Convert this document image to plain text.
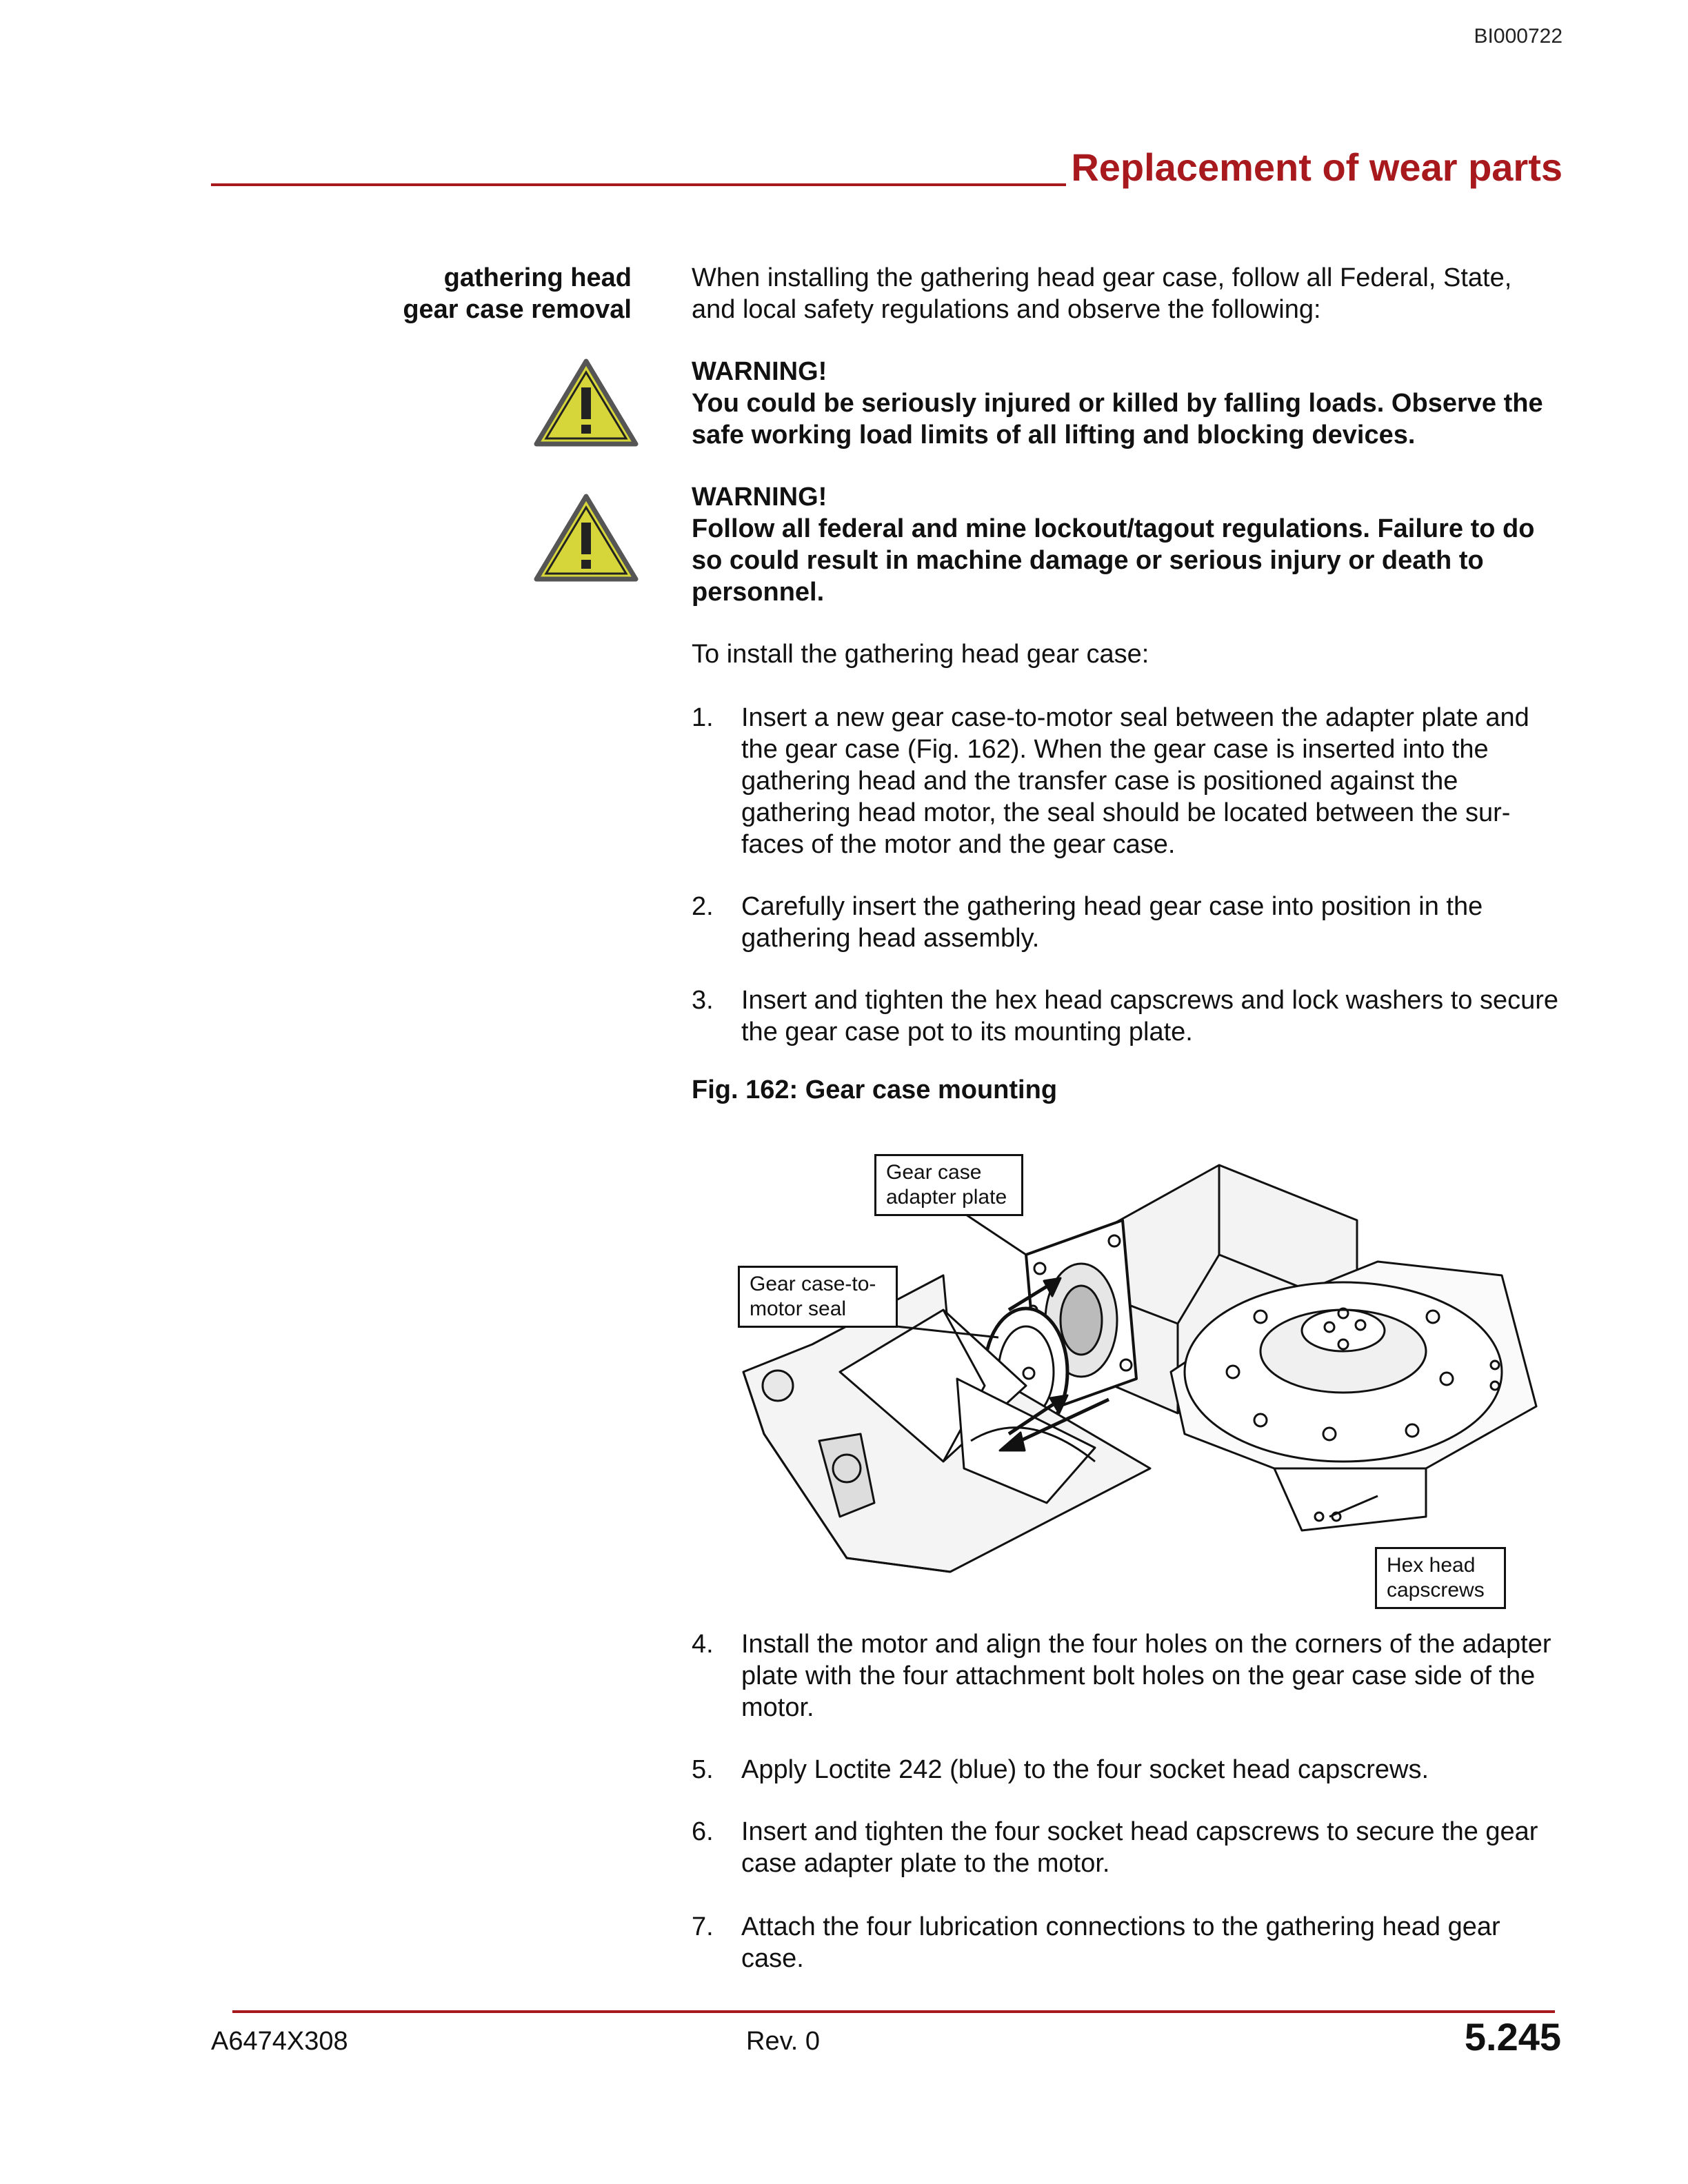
BI000722
Replacement of wear parts
gathering head
gear case removal
When installing the gathering head gear case, follow all Federal, State, and local safety regulations and observe the following:
WARNING!
You could be seriously injured or killed by falling loads. Observe the safe working load limits of all lifting and blocking devices.
WARNING!
Follow all federal and mine lockout/tagout regulations. Failure to do so could result in machine damage or serious injury or death to personnel.
To install the gathering head gear case:
1. Insert a new gear case-to-motor seal between the adapter plate and the gear case (Fig. 162). When the gear case is inserted into the gathering head and the transfer case is positioned against the gathering head motor, the seal should be located between the sur-faces of the motor and the gear case.
2. Carefully insert the gathering head gear case into position in the gathering head assembly.
3. Insert and tighten the hex head capscrews and lock washers to secure the gear case pot to its mounting plate.
Fig. 162: Gear case mounting
Gear case
adapter plate
Gear case-to-
motor seal
Hex head
capscrews
4. Install the motor and align the four holes on the corners of the adapter plate with the four attachment bolt holes on the gear case side of the motor.
5. Apply Loctite 242 (blue) to the four socket head capscrews.
6. Insert and tighten the four socket head capscrews to secure the gear case adapter plate to the motor.
7. Attach the four lubrication connections to the gathering head gear case.
A6474X308	Rev. 0	5.245
